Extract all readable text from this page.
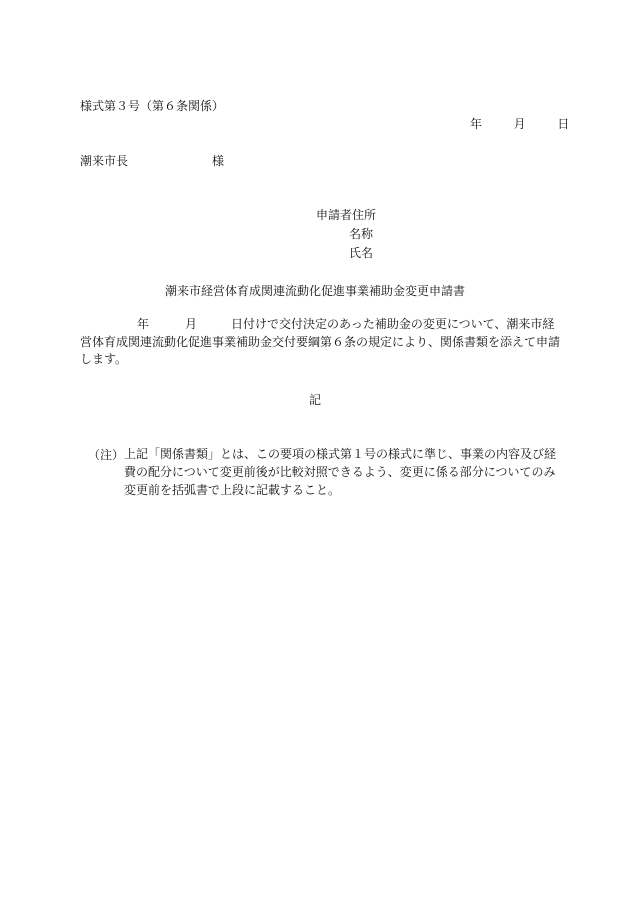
様式第３号（第６条関係）
年	月	日
潮来市長	様
申請者住所
名称
氏名
潮来市経営体育成関連流動化促進事業補助金変更申請書
年	月	日付けで交付決定のあった補助金の変更について、潮来市経
営体育成関連流動化促進事業補助金交付要綱第６条の規定により、関係書類を添えて申請
します。
記
（注） 上記「関係書類」とは、この要項の様式第１号の様式に準じ、事業の内容及び経
費の配分について変更前後が比較対照できるよう、変更に係る部分についてのみ
変更前を括弧書で上段に記載すること。
